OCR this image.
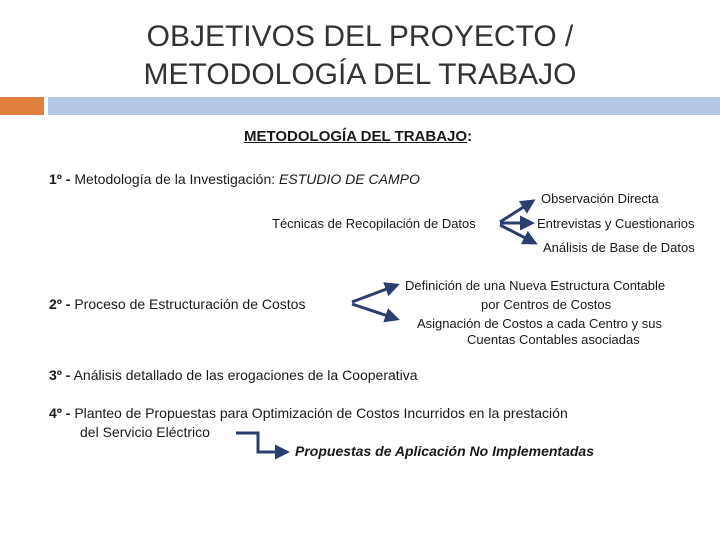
OBJETIVOS DEL PROYECTO /
METODOLOGÍA DEL TRABAJO
METODOLOGÍA DEL TRABAJO:
1º - Metodología de la Investigación: ESTUDIO DE CAMPO
Técnicas de Recopilación de Datos
Observación Directa
Entrevistas y Cuestionarios
Análisis de Base de Datos
2º - Proceso de Estructuración de Costos
Definición de una Nueva Estructura Contable
por Centros de Costos
Asignación de Costos a cada Centro y sus
Cuentas Contables asociadas
3º - Análisis detallado de las erogaciones de la Cooperativa
4º - Planteo de Propuestas para Optimización de Costos Incurridos en la prestación
del Servicio Eléctrico
Propuestas de Aplicación No Implementadas
